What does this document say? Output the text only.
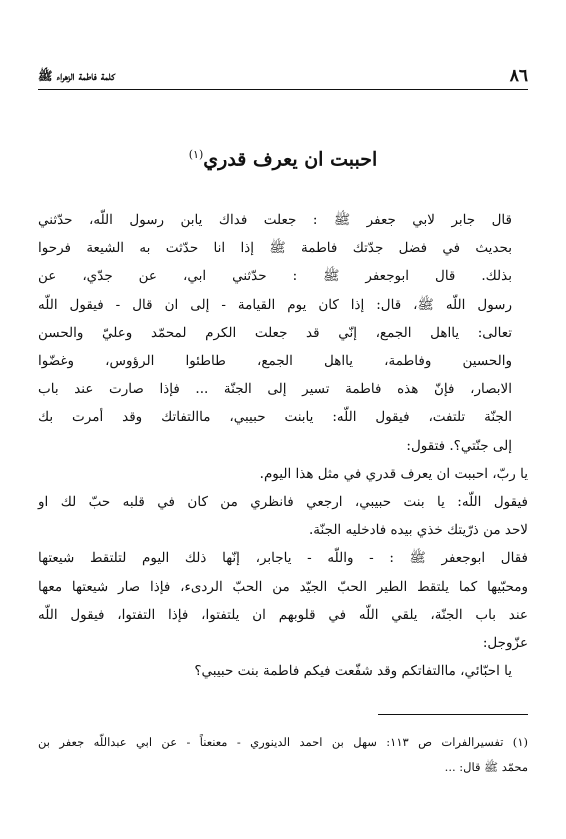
٨٦
كلمة فاطمة الزهراء ﷺ
احببت ان يعرف قدري$^{(١)}$

قال جابر لابي جعفر ﷺ : جعلت فداك يابن رسول اللّه، حدّثني
بحديث في فضل جدّتك فاطمة ﷺ إذا انا حدّثت به الشيعة فرحوا
بذلك. قال ابوجعفر ﷺ : حدّثني ابي، عن جدّي، عن
رسول اللّه ﷺ، قال: إذا كان يوم القيامة - إلى ان قال - فيقول اللّه
تعالى: يااهل الجمع، إنّي قد جعلت الكرم لمحمّد وعليّ والحسن
والحسين وفاطمة، يااهل الجمع، طاطئوا الرؤوس، وغضّوا
الابصار، فإنّ هذه فاطمة تسير إلى الجنّة ... فإذا صارت عند باب
الجنّة تلتفت، فيقول اللّه: يابنت حبيبي، ماالتفاتك وقد أمرت بك
إلى جنّتي؟. فتقول:

يا ربّ، احببت ان يعرف قدري في مثل هذا اليوم.

فيقول اللّه: يا بنت حبيبي، ارجعي فانظري من كان في قلبه حبّ لك او
لاحد من ذرّيتك خذي بيده فادخليه الجنّة.

فقال ابوجعفر ﷺ : - واللّه - ياجابر، إنّها ذلك اليوم لتلتقط شيعتها
ومحبّيها كما يلتقط الطير الحبّ الجيّد من الحبّ الردىء، فإذا صار شيعتها معها
عند باب الجنّة، يلقي اللّه في قلوبهم ان يلتفتوا، فإذا التفتوا، فيقول اللّه
عزّوجل:

يا احبّائي، ماالتفاتكم وقد شفّعت فيكم فاطمة بنت حبيبي؟

(١) تفسيرالفرات ص ١١٣: سهل بن احمد الدينوري - معنعناً - عن ابي عبداللّه جعفر بن
محمّد ﷺ قال: ...
